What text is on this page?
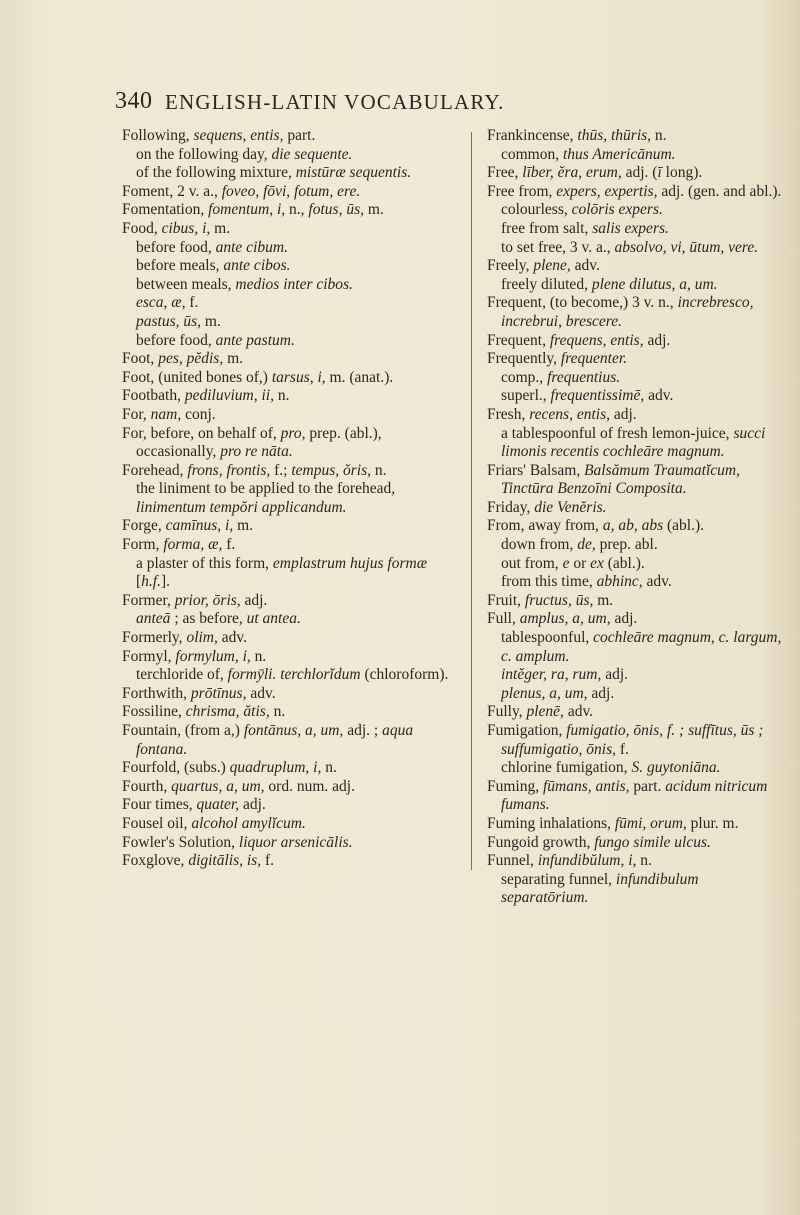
340 ENGLISH-LATIN VOCABULARY.

Following, sequens, entis, part.

on the following day, die sequente.

of the following mixture, mistūræ sequentis.

Foment, 2 v. a., foveo, fōvi, fotum, ere.

Fomentation, fomentum, i, n., fotus, ūs, m.

Food, cibus, i, m.

before food, ante cibum.

before meals, ante cibos.

between meals, medios inter cibos.

esca, æ, f.

pastus, ūs, m.

before food, ante pastum.

Foot, pes, pĕdis, m.

Foot, (united bones of,) tarsus, i, m. (anat.).

Footbath, pediluvium, ii, n.

For, nam, conj.

For, before, on behalf of, pro, prep. (abl.), occasionally, pro re nāta.

Forehead, frons, frontis, f.; tempus, ŏris, n.

the liniment to be applied to the forehead, linimentum tempŏri applicandum.

Forge, camīnus, i, m.

Form, forma, æ, f.

a plaster of this form, emplastrum hujus formæ [h.f.].

Former, prior, ōris, adj.

anteā ; as before, ut antea.

Formerly, olim, adv.

Formyl, formylum, i, n.

terchloride of, formȳli. terchlorĭdum (chloroform).

Forthwith, prōtīnus, adv.

Fossiline, chrisma, ătis, n.

Fountain, (from a,) fontānus, a, um, adj. ; aqua fontana.

Fourfold, (subs.) quadruplum, i, n.

Fourth, quartus, a, um, ord. num. adj.

Four times, quater, adj.

Fousel oil, alcohol amylĭcum.

Fowler's Solution, liquor arsenicālis.

Foxglove, digitālis, is, f.

Frankincense, thūs, thūris, n.

common, thus Americānum.

Free, līber, ĕra, erum, adj. (ī long).

Free from, expers, expertis, adj. (gen. and abl.).

colourless, colōris expers.

free from salt, salis expers.

to set free, 3 v. a., absolvo, vi, ūtum, vere.

Freely, plene, adv.

freely diluted, plene dilutus, a, um.

Frequent, (to become,) 3 v. n., increbresco, increbrui, brescere.

Frequent, frequens, entis, adj.

Frequently, frequenter.

comp., frequentius.

superl., frequentissimē, adv.

Fresh, recens, entis, adj.

a tablespoonful of fresh lemon-juice, succi limonis recentis cochleāre magnum.

Friars' Balsam, Balsămum Traumatĭcum, Tinctūra Benzoīni Composita.

Friday, die Venĕris.

From, away from, a, ab, abs (abl.).

down from, de, prep. abl.

out from, e or ex (abl.).

from this time, abhinc, adv.

Fruit, fructus, ūs, m.

Full, amplus, a, um, adj.

tablespoonful, cochleāre magnum, c. largum, c. amplum.

intĕger, ra, rum, adj.

plenus, a, um, adj.

Fully, plenē, adv.

Fumigation, fumigatio, ōnis, f. ; suffītus, ūs ; suffumigatio, ōnis, f.

chlorine fumigation, S. guytoniāna.

Fuming, fūmans, antis, part. acidum nitricum fumans.

Fuming inhalations, fūmi, orum, plur. m.

Fungoid growth, fungo simile ulcus.

Funnel, infundibŭlum, i, n.

separating funnel, infundibulum separatōrium.
